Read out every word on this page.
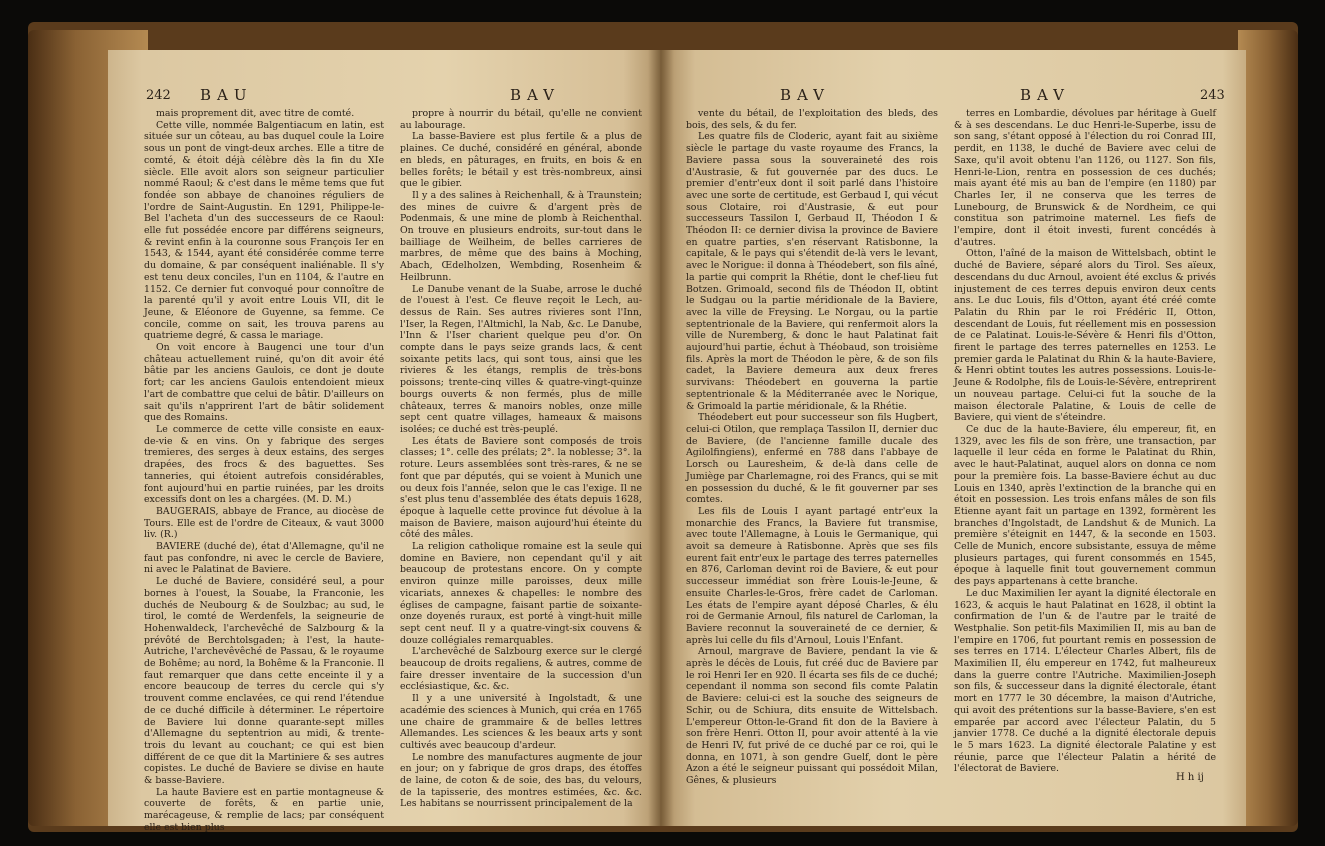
242 BAU	BAV

mais proprement dit, avec titre de comté.

Cette ville, nommée Balgentiacum en latin, est située sur un côteau, au bas duquel coule la Loire sous un pont de vingt-deux arches. Elle a titre de comté, & étoit déjà célèbre dès la fin du XIe siècle. Elle avoit alors son seigneur particulier nommé Raoul; & c'est dans le même tems que fut fondée son abbaye de chanoines réguliers de l'ordre de Saint-Augustin. En 1291, Philippe-le-Bel l'acheta d'un des successeurs de ce Raoul: elle fut possédée encore par différens seigneurs, & revint enfin à la couronne sous François Ier en 1543, & 1544, ayant été considérée comme terre du domaine, & par conséquent inaliénable. Il s'y est tenu deux conciles, l'un en 1104, & l'autre en 1152. Ce dernier fut convoqué pour connoître de la parenté qu'il y avoit entre Louis VII, dit le Jeune, & Eléonore de Guyenne, sa femme. Ce concile, comme on sait, les trouva parens au quatrieme degré, & cassa le mariage.

On voit encore à Baugenci une tour d'un château actuellement ruiné, qu'on dit avoir été bâtie par les anciens Gaulois, ce dont je doute fort; car les anciens Gaulois entendoient mieux l'art de combattre que celui de bâtir. D'ailleurs on sait qu'ils n'apprirent l'art de bâtir solidement que des Romains.

Le commerce de cette ville consiste en eaux-de-vie & en vins. On y fabrique des serges tremieres, des serges à deux estains, des serges drapées, des frocs & des baguettes. Ses tanneries, qui étoient autrefois considérables, font aujourd'hui en partie ruinées, par les droits excessifs dont on les a chargées. (M. D. M.)

BAUGERAIS, abbaye de France, au diocèse de Tours. Elle est de l'ordre de Citeaux, & vaut 3000 liv. (R.)

BAVIERE (duché de), état d'Allemagne, qu'il ne faut pas confondre, ni avec le cercle de Baviere, ni avec le Palatinat de Baviere.

Le duché de Baviere, considéré seul, a pour bornes à l'ouest, la Souabe, la Franconie, les duchés de Neubourg & de Soulzbac; au sud, le tirol, le comté de Werdenfels, la seigneurie de Hohenwaldeck, l'archevêché de Salzbourg & la prévôté de Berchtolsgaden; à l'est, la haute-Autriche, l'archevêvêché de Passau, & le royaume de Bohême; au nord, la Bohême & la Franconie. Il faut remarquer que dans cette enceinte il y a encore beaucoup de terres du cercle qui s'y trouvent comme enclavées, ce qui rend l'étendue de ce duché difficile à déterminer. Le répertoire de Baviere lui donne quarante-sept milles d'Allemagne du septentrion au midi, & trente-trois du levant au couchant; ce qui est bien différent de ce que dit la Martiniere & ses autres copistes. Le duché de Baviere se divise en haute & basse-Baviere.

La haute Baviere est en partie montagneuse & couverte de forêts, & en partie unie, marécageuse, & remplie de lacs; par conséquent elle est bien plus

propre à nourrir du bétail, qu'elle ne convient au labourage.

La basse-Baviere est plus fertile & a plus de plaines. Ce duché, considéré en général, abonde en bleds, en pâturages, en fruits, en bois & en belles forêts; le bétail y est très-nombreux, ainsi que le gibier.

Il y a des salines à Reichenhall, & à Traunstein; des mines de cuivre & d'argent près de Podenmais, & une mine de plomb à Reichenthal. On trouve en plusieurs endroits, sur-tout dans le bailliage de Weilheim, de belles carrieres de marbres, de même que des bains à Moching, Abach, Œdelholzen, Wembding, Rosenheim & Heilbrunn.

Le Danube venant de la Suabe, arrose le duché de l'ouest à l'est. Ce fleuve reçoit le Lech, au-dessus de Rain. Ses autres rivieres sont l'Inn, l'Iser, la Regen, l'Altmichl, la Nab, &c. Le Danube, l'Inn & l'Iser charient quelque peu d'or. On compte dans le pays seize grands lacs, & cent soixante petits lacs, qui sont tous, ainsi que les rivieres & les étangs, remplis de très-bons poissons; trente-cinq villes & quatre-vingt-quinze bourgs ouverts & non fermés, plus de mille châteaux, terres & manoirs nobles, onze mille sept cent quatre villages, hameaux & maisons isolées; ce duché est très-peuplé.

Les états de Baviere sont composés de trois classes; 1°. celle des prélats; 2°. la noblesse; 3°. la roture. Leurs assemblées sont très-rares, & ne se font que par députés, qui se voient à Munich une ou deux fois l'année, selon que le cas l'exige. Il ne s'est plus tenu d'assemblée des états depuis 1628, époque à laquelle cette province fut dévolue à la maison de Baviere, maison aujourd'hui éteinte du côté des mâles.

La religion catholique romaine est la seule qui domine en Baviere, non cependant qu'il y ait beaucoup de protestans encore. On y compte environ quinze mille paroisses, deux mille vicariats, annexes & chapelles: le nombre des églises de campagne, faisant partie de soixante-onze doyenés ruraux, est porté à vingt-huit mille sept cent neuf. Il y a quatre-vingt-six couvens & douze collégiales remarquables.

L'archevêché de Salzbourg exerce sur le clergé beaucoup de droits regaliens, & autres, comme de faire dresser inventaire de la succession d'un ecclésiastique, &c. &c.

Il y a une université à Ingolstadt, & une académie des sciences à Munich, qui créa en 1765 une chaire de grammaire & de belles lettres Allemandes. Les sciences & les beaux arts y sont cultivés avec beaucoup d'ardeur.

Le nombre des manufactures augmente de jour en jour; on y fabrique de gros draps, des étoffes de laine, de coton & de soie, des bas, du velours, de la tapisserie, des montres estimées, &c. &c. Les habitans se nourrissent principalement de la

BAV	BAV	243

vente du bétail, de l'exploitation des bleds, des bois, des sels, & du fer.

Les quatre fils de Cloderic, ayant fait au sixième siècle le partage du vaste royaume des Francs, la Baviere passa sous la souveraineté des rois d'Austrasie, & fut gouvernée par des ducs. Le premier d'entr'eux dont il soit parlé dans l'histoire avec une sorte de certitude, est Gerbaud I, qui vécut sous Clotaire, roi d'Austrasie, & eut pour successeurs Tassilon I, Gerbaud II, Théodon I & Théodon II: ce dernier divisa la province de Baviere en quatre parties, s'en réservant Ratisbonne, la capitale, & le pays qui s'étendit de-là vers le levant, avec le Norigue: il donna à Théodebert, son fils aîné, la partie qui comprit la Rhétie, dont le chef-lieu fut Botzen. Grimoald, second fils de Théodon II, obtint le Sudgau ou la partie méridionale de la Baviere, avec la ville de Freysing. Le Norgau, ou la partie septentrionale de la Baviere, qui renfermoit alors la ville de Nuremberg, & donc le haut Palatinat fait aujourd'hui partie, échut à Théobaud, son troisième fils. Après la mort de Théodon le père, & de son fils cadet, la Baviere demeura aux deux freres survivans: Théodebert en gouverna la partie septentrionale & la Méditerranée avec le Norique, & Grimoald la partie méridionale, & la Rhétie.

Théodebert eut pour successeur son fils Hugbert, celui-ci Otilon, que remplaça Tassilon II, dernier duc de Baviere, (de l'ancienne famille ducale des Agilolfingiens), enfermé en 788 dans l'abbaye de Lorsch ou Lauresheim, & de-là dans celle de Jumiège par Charlemagne, roi des Francs, qui se mit en possession du duché, & le fit gouverner par ses comtes.

Les fils de Louis I ayant partagé entr'eux la monarchie des Francs, la Baviere fut transmise, avec toute l'Allemagne, à Louis le Germanique, qui avoit sa demeure à Ratisbonne. Après que ses fils eurent fait entr'eux le partage des terres paternelles en 876, Carloman devint roi de Baviere, & eut pour successeur immédiat son frère Louis-le-Jeune, & ensuite Charles-le-Gros, frère cadet de Carloman. Les états de l'empire ayant déposé Charles, & élu roi de Germanie Arnoul, fils naturel de Carloman, la Baviere reconnut la souveraineté de ce dernier, & après lui celle du fils d'Arnoul, Louis l'Enfant.

Arnoul, margrave de Baviere, pendant la vie & après le décès de Louis, fut créé duc de Baviere par le roi Henri Ier en 920. Il écarta ses fils de ce duché; cependant il nomma son second fils comte Palatin de Baviere: celui-ci est la souche des seigneurs de Schir, ou de Schiura, dits ensuite de Wittelsbach. L'empereur Otton-le-Grand fit don de la Baviere à son frère Henri. Otton II, pour avoir attenté à la vie de Henri IV, fut privé de ce duché par ce roi, qui le donna, en 1071, à son gendre Guelf, dont le père Azon a été le seigneur puissant qui possédoit Milan, Gênes, & plusieurs

terres en Lombardie, dévolues par héritage à Guelf & à ses descendans. Le duc Henri-le-Superbe, issu de son sang, s'étant opposé à l'élection du roi Conrad III, perdit, en 1138, le duché de Baviere avec celui de Saxe, qu'il avoit obtenu l'an 1126, ou 1127. Son fils, Henri-le-Lion, rentra en possession de ces duchés; mais ayant été mis au ban de l'empire (en 1180) par Charles Ier, il ne conserva que les terres de Lunebourg, de Brunswick & de Nordheim, ce qui constitua son patrimoine maternel. Les fiefs de l'empire, dont il étoit investi, furent concédés à d'autres.

Otton, l'aîné de la maison de Wittelsbach, obtint le duché de Baviere, séparé alors du Tirol. Ses aïeux, descendans du duc Arnoul, avoient été exclus & privés injustement de ces terres depuis environ deux cents ans. Le duc Louis, fils d'Otton, ayant été créé comte Palatin du Rhin par le roi Frédéric II, Otton, descendant de Louis, fut réellement mis en possession de ce Palatinat. Louis-le-Sévère & Henri fils d'Otton, firent le partage des terres paternelles en 1253. Le premier garda le Palatinat du Rhin & la haute-Baviere, & Henri obtint toutes les autres possessions. Louis-le-Jeune & Rodolphe, fils de Louis-le-Sévère, entreprirent un nouveau partage. Celui-ci fut la souche de la maison électorale Palatine, & Louis de celle de Baviere, qui vient de s'éteindre.

Ce duc de la haute-Baviere, élu empereur, fit, en 1329, avec les fils de son frère, une transaction, par laquelle il leur céda en forme le Palatinat du Rhin, avec le haut-Palatinat, auquel alors on donna ce nom pour la première fois. La basse-Baviere échut au duc Louis en 1340, après l'extinction de la branche qui en étoit en possession. Les trois enfans mâles de son fils Etienne ayant fait un partage en 1392, formèrent les branches d'Ingolstadt, de Landshut & de Munich. La première s'éteignit en 1447, & la seconde en 1503. Celle de Munich, encore subsistante, essuya de même plusieurs partages, qui furent consommés en 1545, époque à laquelle finit tout gouvernement commun des pays appartenans à cette branche.

Le duc Maximilien Ier ayant la dignité électorale en 1623, & acquis le haut Palatinat en 1628, il obtint la confirmation de l'un & de l'autre par le traité de Westphalie. Son petit-fils Maximilien II, mis au ban de l'empire en 1706, fut pourtant remis en possession de ses terres en 1714. L'électeur Charles Albert, fils de Maximilien II, élu empereur en 1742, fut malheureux dans la guerre contre l'Autriche. Maximilien-Joseph son fils, & successeur dans la dignité électorale, étant mort en 1777 le 30 décembre, la maison d'Autriche, qui avoit des prétentions sur la basse-Baviere, s'en est emparée par accord avec l'électeur Palatin, du 5 janvier 1778. Ce duché a la dignité électorale depuis le 5 mars 1623. La dignité électorale Palatine y est réunie, parce que l'électeur Palatin a hérité de l'électorat de Baviere.

H h ij
